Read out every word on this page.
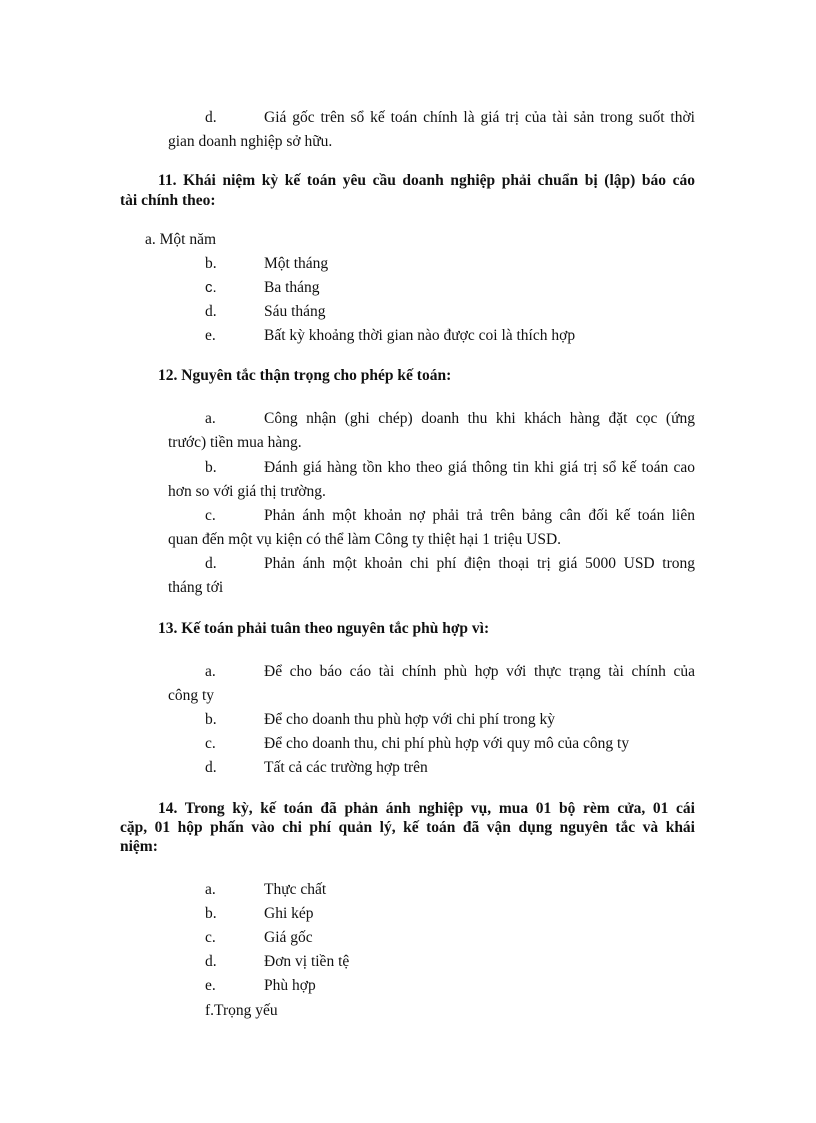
d.	Giá gốc trên sổ kế toán chính là giá trị của tài sản trong suốt thời
gian doanh nghiệp sở hữu.
11. Khái niệm kỳ kế toán yêu cầu doanh nghiệp phải chuẩn bị (lập) báo cáo
tài chính theo:
a. Một năm
b.	Một tháng
c.	Ba tháng
d.	Sáu tháng
e.	Bất kỳ khoảng thời gian nào được coi là thích hợp
12. Nguyên tắc thận trọng cho phép kế toán:
a.	Công nhận (ghi chép) doanh thu khi khách hàng đặt cọc (ứng
trước) tiền mua hàng.
b.	Đánh giá hàng tồn kho theo giá thông tin khi giá trị sổ kế toán cao
hơn so với giá thị trường.
c.	Phản ánh một khoản nợ phải trả trên bảng cân đối kế toán liên
quan đến một vụ kiện có thể làm Công ty thiệt hại 1 triệu USD.
d.	Phản ánh một khoản chi phí điện thoại trị giá 5000 USD trong
tháng tới
13. Kế toán phải tuân theo nguyên tắc phù hợp vì:
a.	Để cho báo cáo tài chính phù hợp với thực trạng tài chính của
công ty
b.	Để cho doanh thu phù hợp với chi phí trong kỳ
c.	Để cho doanh thu, chi phí phù hợp với quy mô của công ty
d.	Tất cả các trường hợp trên
14. Trong kỳ, kế toán đã phản ánh nghiệp vụ, mua 01 bộ rèm cửa, 01 cái
cặp, 01 hộp phấn vào chi phí quản lý, kế toán đã vận dụng nguyên tắc và khái
niệm:
a.	Thực chất
b.	Ghi kép
c.	Giá gốc
d.	Đơn vị tiền tệ
e.	Phù hợp
f.Trọng yếu
